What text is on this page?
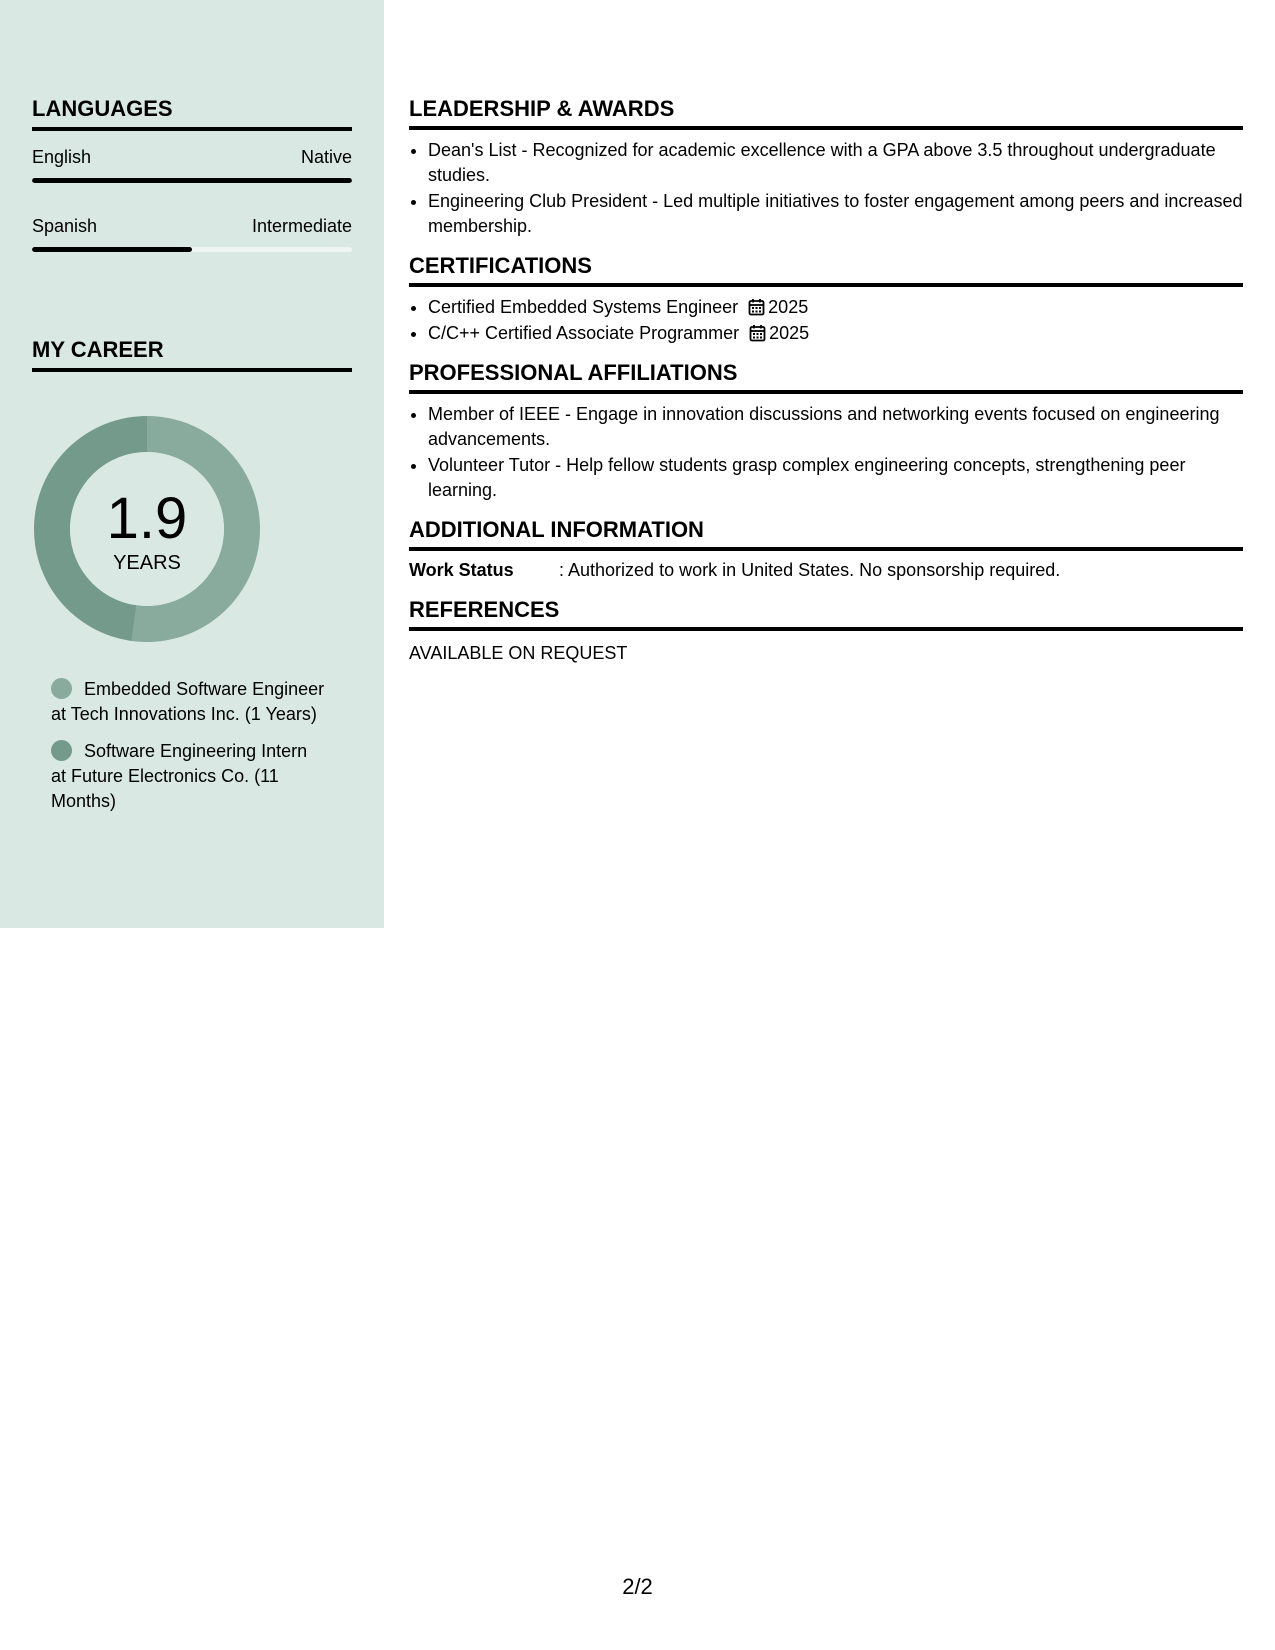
LANGUAGES
English	Native
Spanish	Intermediate
MY CAREER
1.9
YEARS
Embedded Software Engineer at Tech Innovations Inc. (1 Years)
Software Engineering Intern at Future Electronics Co. (11 Months)
LEADERSHIP & AWARDS
• Dean's List - Recognized for academic excellence with a GPA above 3.5 throughout undergraduate studies.
• Engineering Club President - Led multiple initiatives to foster engagement among peers and increased membership.
CERTIFICATIONS
• Certified Embedded Systems Engineer 2025
• C/C++ Certified Associate Programmer 2025
PROFESSIONAL AFFILIATIONS
• Member of IEEE - Engage in innovation discussions and networking events focused on engineering advancements.
• Volunteer Tutor - Help fellow students grasp complex engineering concepts, strengthening peer learning.
ADDITIONAL INFORMATION
Work Status	: Authorized to work in United States. No sponsorship required.
REFERENCES
AVAILABLE ON REQUEST
2/2
